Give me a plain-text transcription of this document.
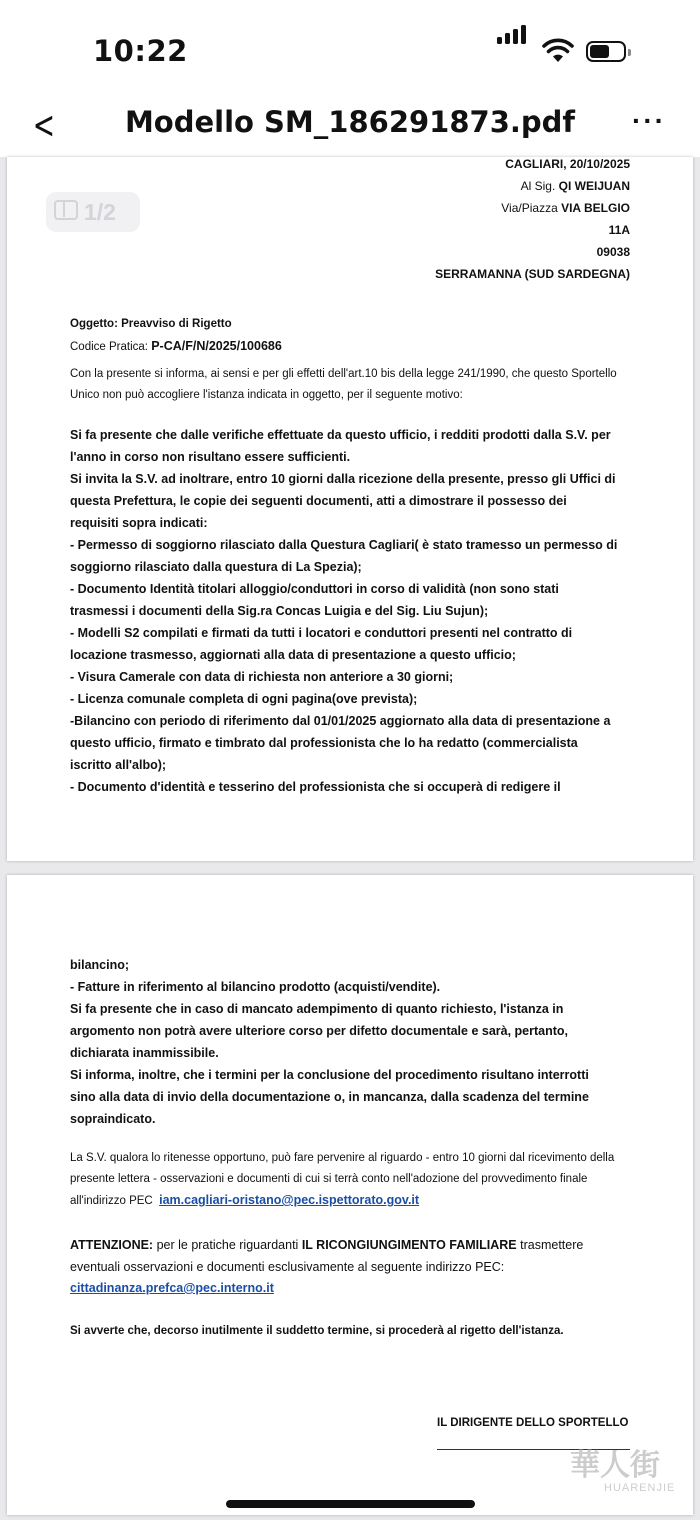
10:22
<	Modello SM_186291873.pdf	···
CAGLIARI, 20/10/2025
Al Sig. QI WEIJUAN
Via/Piazza VIA BELGIO
11A
09038
SERRAMANNA (SUD SARDEGNA)
Oggetto: Preavviso di Rigetto
Codice Pratica: P-CA/F/N/2025/100686
Con la presente si informa, ai sensi e per gli effetti dell'art.10 bis della legge 241/1990, che questo Sportello
Unico non può accogliere l'istanza indicata in oggetto, per il seguente motivo:
Si fa presente che dalle verifiche effettuate da questo ufficio, i redditi prodotti dalla S.V. per
l'anno in corso non risultano essere sufficienti.
Si invita la S.V. ad inoltrare, entro 10 giorni dalla ricezione della presente, presso gli Uffici di
questa Prefettura, le copie dei seguenti documenti, atti a dimostrare il possesso dei
requisiti sopra indicati:
- Permesso di soggiorno rilasciato dalla Questura Cagliari( è stato tramesso un permesso di
soggiorno rilasciato dalla questura di La Spezia);
- Documento Identità titolari alloggio/conduttori in corso di validità (non sono stati
trasmessi i documenti della Sig.ra Concas Luigia e del Sig. Liu Sujun);
- Modelli S2 compilati e firmati da tutti i locatori e conduttori presenti nel contratto di
locazione trasmesso, aggiornati alla data di presentazione a questo ufficio;
- Visura Camerale con data di richiesta non anteriore a 30 giorni;
- Licenza comunale completa di ogni pagina(ove prevista);
-Bilancino con periodo di riferimento dal 01/01/2025 aggiornato alla data di presentazione a
questo ufficio, firmato e timbrato dal professionista che lo ha redatto (commercialista
iscritto all'albo);
- Documento d'identità e tesserino del professionista che si occuperà di redigere il
bilancino;
- Fatture in riferimento al bilancino prodotto (acquisti/vendite).
Si fa presente che in caso di mancato adempimento di quanto richiesto, l'istanza in
argomento non potrà avere ulteriore corso per difetto documentale e sarà, pertanto,
dichiarata inammissibile.
Si informa, inoltre, che i termini per la conclusione del procedimento risultano interrotti
sino alla data di invio della documentazione o, in mancanza, dalla scadenza del termine
sopraindicato.
La S.V. qualora lo ritenesse opportuno, può fare pervenire al riguardo - entro 10 giorni dal ricevimento della
presente lettera - osservazioni e documenti di cui si terrà conto nell'adozione del provvedimento finale
all'indirizzo PEC iam.cagliari-oristano@pec.ispettorato.gov.it
ATTENZIONE: per le pratiche riguardanti IL RICONGIUNGIMENTO FAMILIARE trasmettere
eventuali osservazioni e documenti esclusivamente al seguente indirizzo PEC:
cittadinanza.prefca@pec.interno.it
Si avverte che, decorso inutilmente il suddetto termine, si procederà al rigetto dell'istanza.
IL DIRIGENTE DELLO SPORTELLO
1/2
華人街
HUARENJIE
